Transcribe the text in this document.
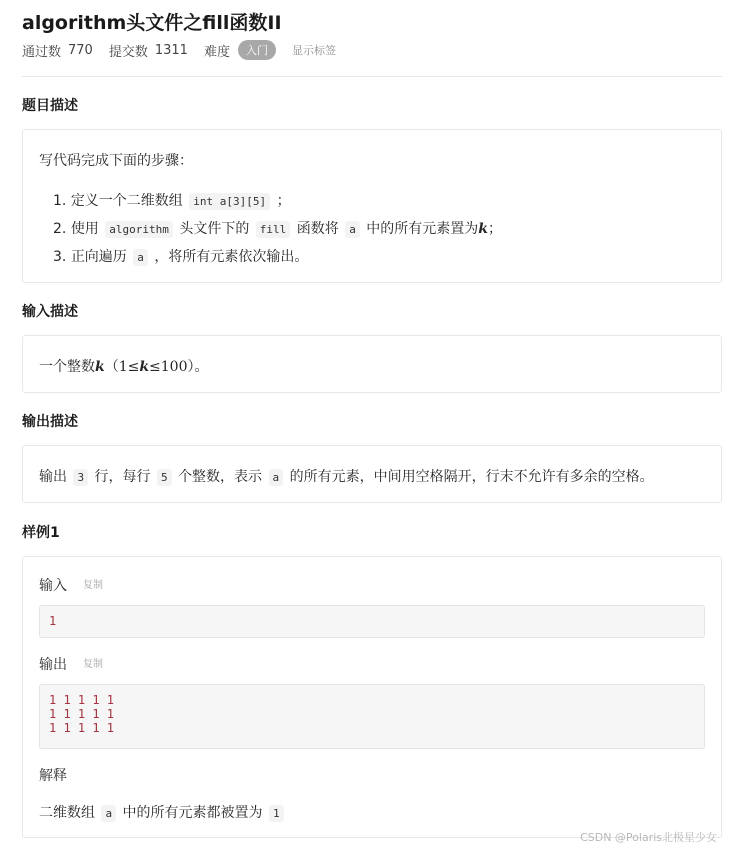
algorithm头文件之fill函数II
通过数 770 提交数 1311 难度	入门	显示标签
题目描述
写代码完成下面的步骤：
1. 定义一个二维数组 int a[3][5] ；
2. 使用 algorithm 头文件下的 fill 函数将 a 中的所有元素置为k；
3. 正向遍历 a ，将所有元素依次输出。
输入描述
一个整数k（1≤k≤100）。
输出描述
输出 3 行，每行 5 个整数，表示 a 的所有元素，中间用空格隔开，行末不允许有多余的空格。
样例1
输入 复制
1
输出 复制
1 1 1 1 1
1 1 1 1 1
1 1 1 1 1
解释
二维数组 a 中的所有元素都被置为 1
CSDN @Polaris北极星少女
